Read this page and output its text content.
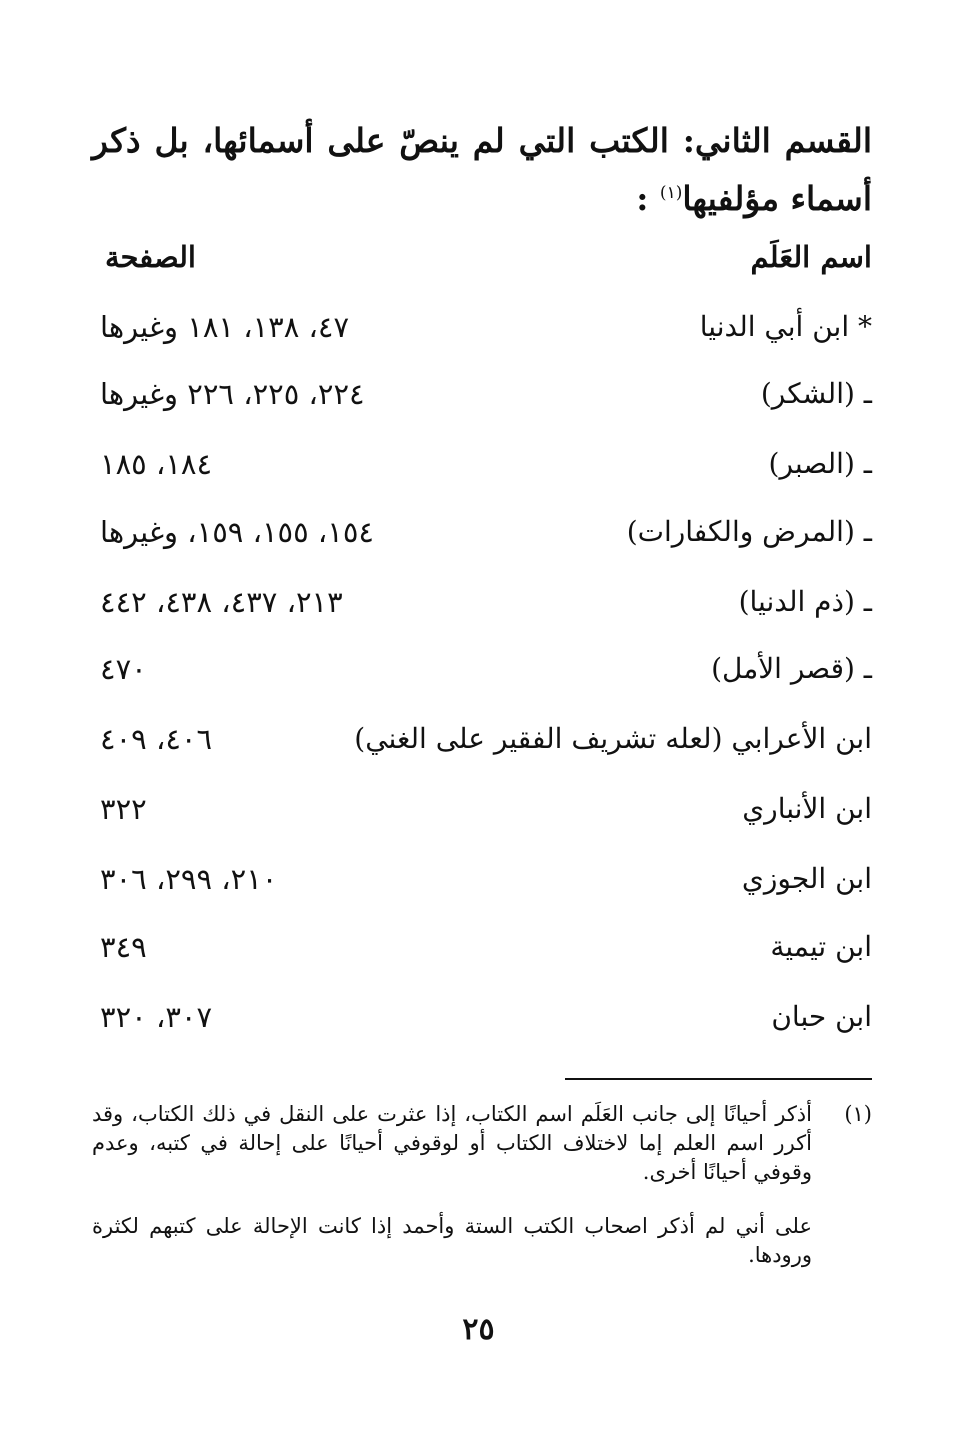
القسم الثاني: الكتب التي لم ينصّ على أسمائها، بل ذكر أسماء مؤلفيها$^{(١)}$ :
اسم العَلَم
الصفحة
* ابن أبي الدنيا
٤٧، ١٣٨، ١٨١ وغيرها
ـ (الشكر)
٢٢٤، ٢٢٥، ٢٢٦ وغيرها
ـ (الصبر)
١٨٤، ١٨٥
ـ (المرض والكفارات)
١٥٤، ١٥٥، ١٥٩، وغيرها
ـ (ذم الدنيا)
٢١٣، ٤٣٧، ٤٣٨، ٤٤٢
ـ (قصر الأمل)
٤٧٠
ابن الأعرابي (لعله تشريف الفقير على الغني)
٤٠٦، ٤٠٩
ابن الأنباري
٣٢٢
ابن الجوزي
٢١٠، ٢٩٩، ٣٠٦
ابن تيمية
٣٤٩
ابن حبان
٣٠٧، ٣٢٠
(١)
أذكر أحيانًا إلى جانب العَلَم اسم الكتاب، إذا عثرت على النقل في ذلك الكتاب، وقد أكرر اسم العلم إما لاختلاف الكتاب أو لوقوفي أحيانًا على إحالة في كتبه، وعدم وقوفي أحيانًا أخرى.
على أني لم أذكر اصحاب الكتب الستة وأحمد إذا كانت الإحالة على كتبهم لكثرة ورودها.
٢٥
